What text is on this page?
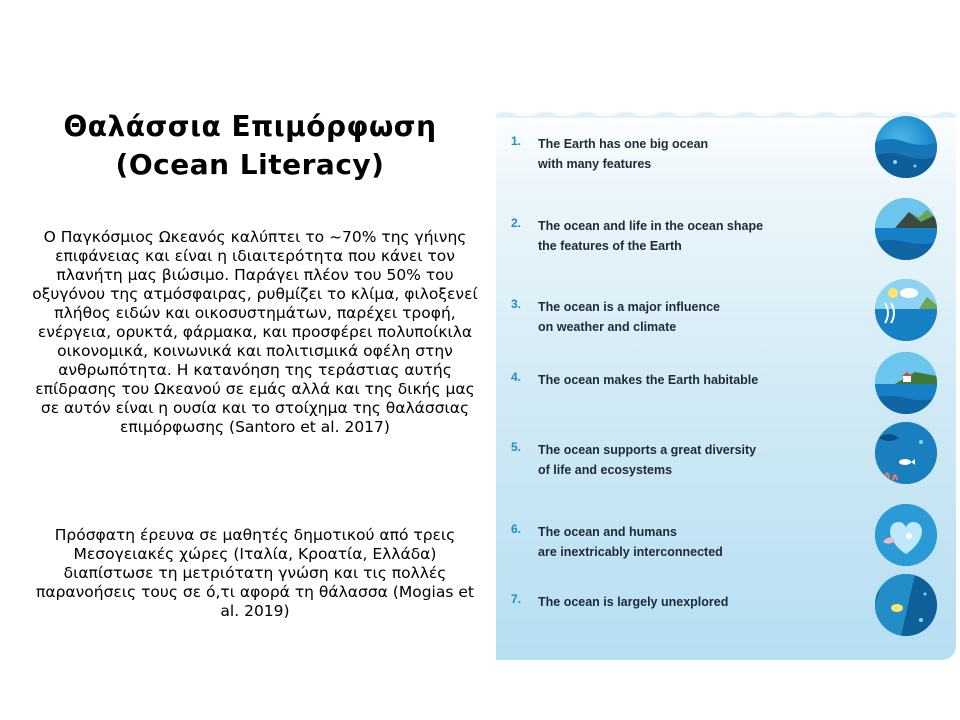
Θαλάσσια Επιμόρφωση
(Ocean Literacy)
Ο Παγκόσμιος Ωκεανός καλύπτει το ~70% της γήινης επιφάνειας και είναι η ιδιαιτερότητα που κάνει τον πλανήτη μας βιώσιμο. Παράγει πλέον του 50% του οξυγόνου της ατμόσφαιρας, ρυθμίζει το κλίμα, φιλοξενεί πλήθος ειδών και οικοσυστημάτων, παρέχει τροφή, ενέργεια, ορυκτά, φάρμακα, και προσφέρει πολυποίκιλα οικονομικά, κοινωνικά και πολιτισμικά οφέλη στην ανθρωπότητα. Η κατανόηση της τεράστιας αυτής επίδρασης του Ωκεανού σε εμάς αλλά και της δικής μας σε αυτόν είναι η ουσία και το στοίχημα της θαλάσσιας επιμόρφωσης (Santoro et al. 2017)
Πρόσφατη έρευνα σε μαθητές δημοτικού από τρεις Μεσογειακές χώρες (Ιταλία, Κροατία, Ελλάδα) διαπίστωσε τη μετριότατη γνώση και τις πολλές παρανοήσεις τους σε ό,τι αφορά τη θάλασσα (Mogias et al. 2019)
1.	The Earth has one big ocean
with many features
2.	The ocean and life in the ocean shape
the features of the Earth
3.	The ocean is a major influence
on weather and climate
4.	The ocean makes the Earth habitable
5.	The ocean supports a great diversity
of life and ecosystems
6.	The ocean and humans
are inextricably interconnected
7.	The ocean is largely unexplored
